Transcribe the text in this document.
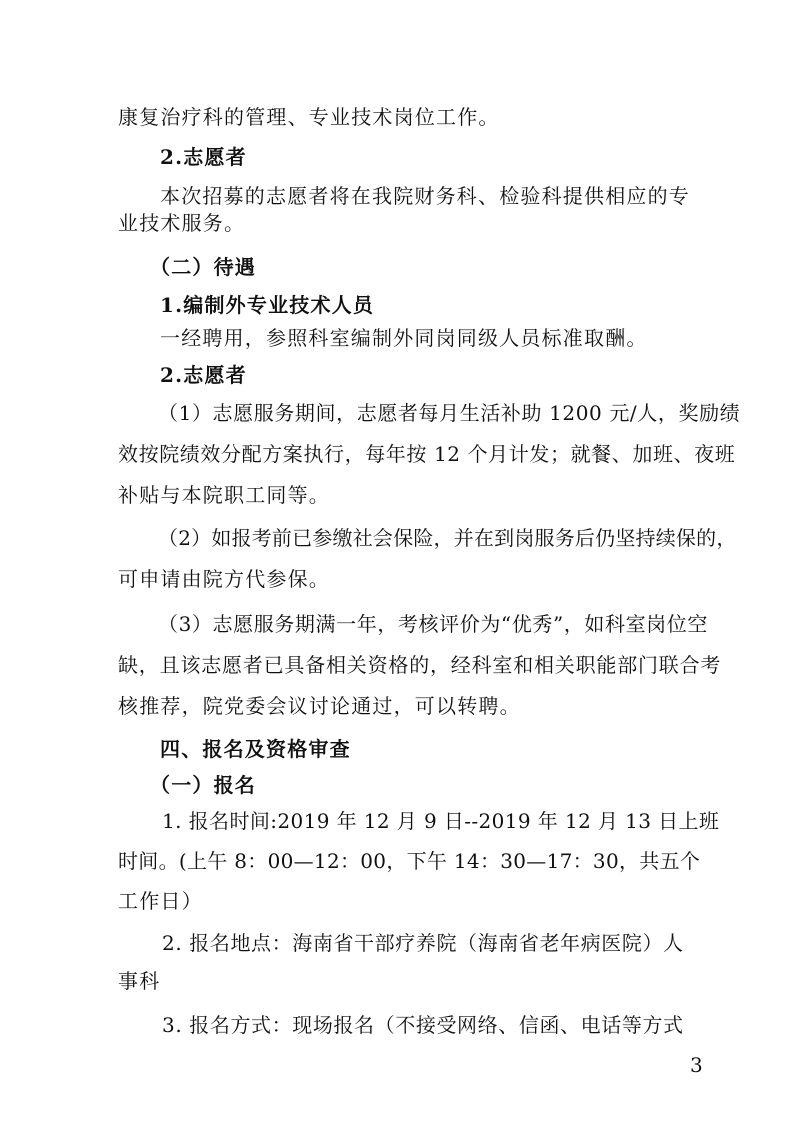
康复治疗科的管理、专业技术岗位工作。
2.志愿者
本次招募的志愿者将在我院财务科、检验科提供相应的专
业技术服务。
（二）待遇
1.编制外专业技术人员
一经聘用，参照科室编制外同岗同级人员标准取酬。
2.志愿者
（1）志愿服务期间，志愿者每月生活补助 1200 元/人，奖励绩
效按院绩效分配方案执行，每年按 12 个月计发；就餐、加班、夜班
补贴与本院职工同等。
（2）如报考前已参缴社会保险，并在到岗服务后仍坚持续保的，
可申请由院方代参保。
（3）志愿服务期满一年，考核评价为“优秀”，如科室岗位空
缺，且该志愿者已具备相关资格的，经科室和相关职能部门联合考
核推荐，院党委会议讨论通过，可以转聘。
四、报名及资格审查
（一）报名
1. 报名时间:2019 年 12 月 9 日--2019 年 12 月 13 日上班
时间。(上午 8：00—12：00，下午 14：30—17：30，共五个
工作日）
2. 报名地点：海南省干部疗养院（海南省老年病医院）人
事科
3. 报名方式：现场报名（不接受网络、信函、电话等方式
3
